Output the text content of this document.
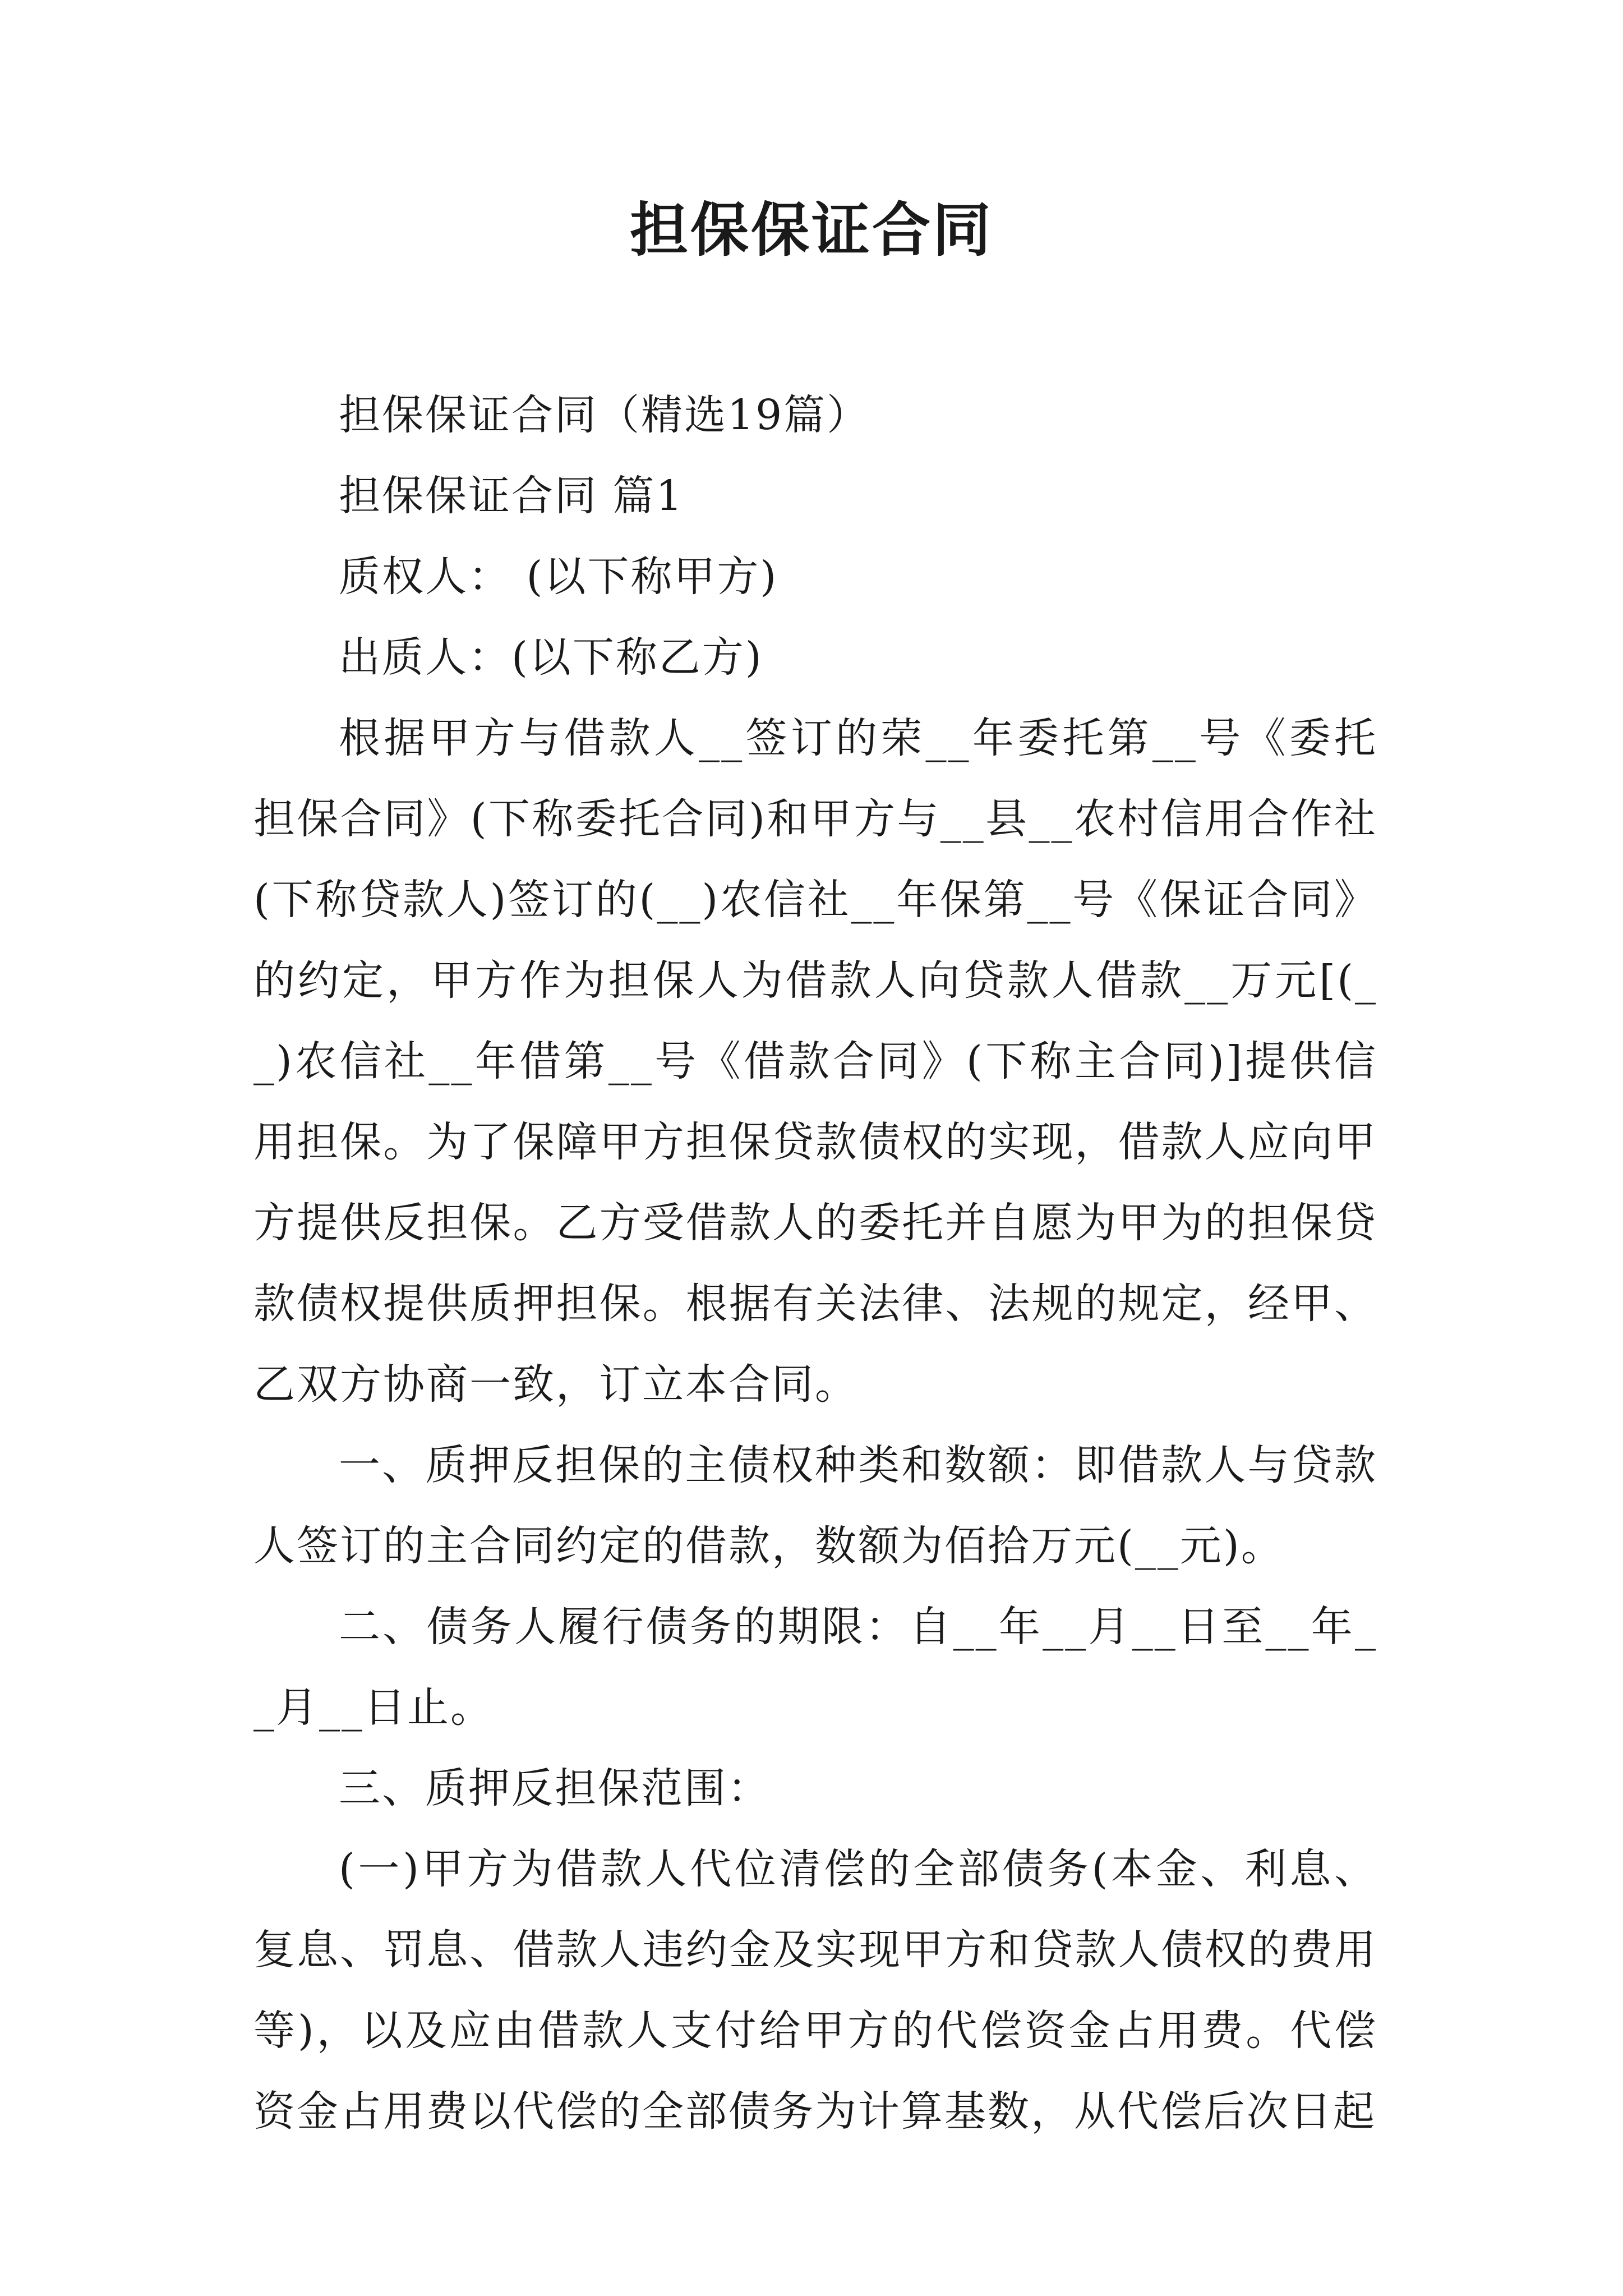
担保保证合同

担保保证合同（精选19篇）

担保保证合同 篇1

质权人： (以下称甲方)

出质人：(以下称乙方)

根据甲方与借款人__签订的荣__年委托第__号《委托担保合同》(下称委托合同)和甲方与__县__农村信用合作社(下称贷款人)签订的(__)农信社__年保第__号《保证合同》的约定，甲方作为担保人为借款人向贷款人借款__万元[(__)农信社__年借第__号《借款合同》(下称主合同)]提供信用担保。为了保障甲方担保贷款债权的实现，借款人应向甲方提供反担保。乙方受借款人的委托并自愿为甲为的担保贷款债权提供质押担保。根据有关法律、法规的规定，经甲、乙双方协商一致，订立本合同。

一、质押反担保的主债权种类和数额：即借款人与贷款人签订的主合同约定的借款，数额为佰拾万元(__元)。

二、债务人履行债务的期限：自__年__月__日至__年__月__日止。

三、质押反担保范围：

(一)甲方为借款人代位清偿的全部债务(本金、利息、复息、罚息、借款人违约金及实现甲方和贷款人债权的费用等)，以及应由借款人支付给甲方的代偿资金占用费。代偿资金占用费以代偿的全部债务为计算基数，从代偿后次日起
